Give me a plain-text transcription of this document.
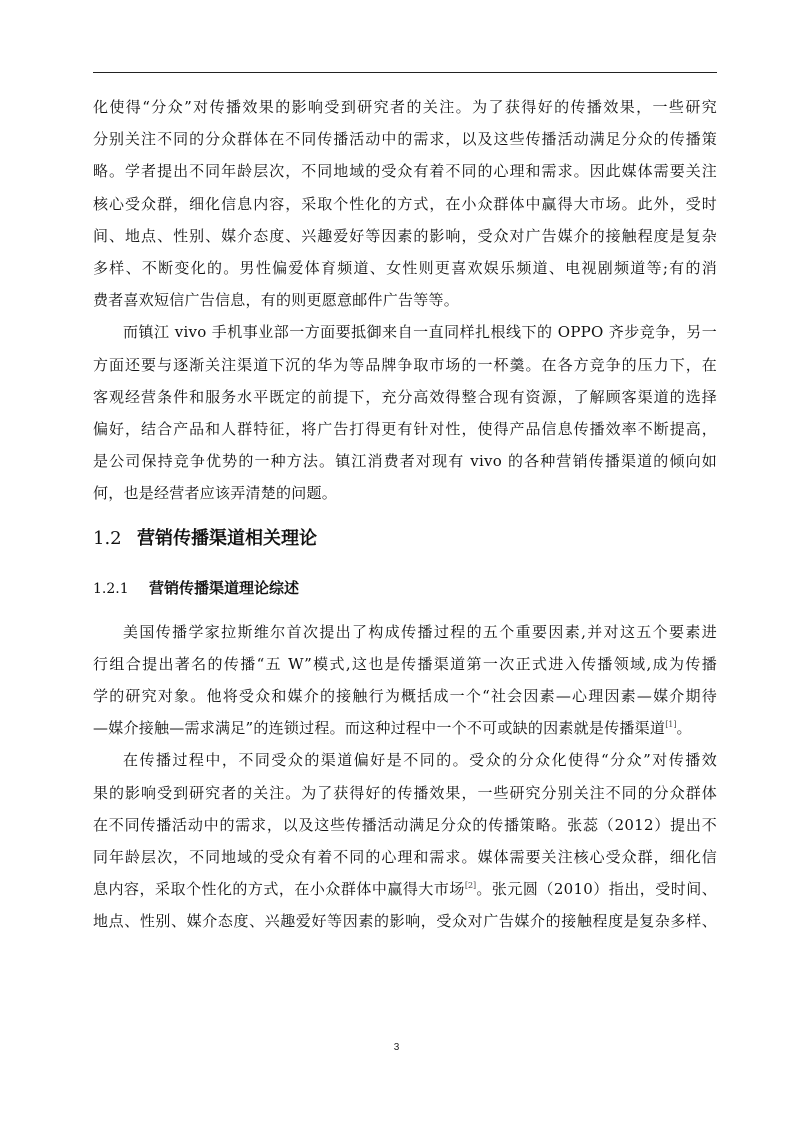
化使得“分众”对传播效果的影响受到研究者的关注。为了获得好的传播效果，一些研究
分别关注不同的分众群体在不同传播活动中的需求，以及这些传播活动满足分众的传播策
略。学者提出不同年龄层次，不同地域的受众有着不同的心理和需求。因此媒体需要关注
核心受众群，细化信息内容，采取个性化的方式，在小众群体中赢得大市场。此外，受时
间、地点、性别、媒介态度、兴趣爱好等因素的影响，受众对广告媒介的接触程度是复杂
多样、不断变化的。男性偏爱体育频道、女性则更喜欢娱乐频道、电视剧频道等;有的消
费者喜欢短信广告信息，有的则更愿意邮件广告等等。

而镇江 vivo 手机事业部一方面要抵御来自一直同样扎根线下的 OPPO 齐步竞争，另一
方面还要与逐渐关注渠道下沉的华为等品牌争取市场的一杯羹。在各方竞争的压力下，在
客观经营条件和服务水平既定的前提下，充分高效得整合现有资源，了解顾客渠道的选择
偏好，结合产品和人群特征，将广告打得更有针对性，使得产品信息传播效率不断提高，
是公司保持竞争优势的一种方法。镇江消费者对现有 vivo 的各种营销传播渠道的倾向如
何，也是经营者应该弄清楚的问题。

1.2 营销传播渠道相关理论
1.2.1 营销传播渠道理论综述

美国传播学家拉斯维尔首次提出了构成传播过程的五个重要因素,并对这五个要素进
行组合提出著名的传播“五 W”模式,这也是传播渠道第一次正式进入传播领域,成为传播
学的研究对象。他将受众和媒介的接触行为概括成一个“社会因素—心理因素—媒介期待
—媒介接触—需求满足”的连锁过程。而这种过程中一个不可或缺的因素就是传播渠道[1]。

在传播过程中，不同受众的渠道偏好是不同的。受众的分众化使得“分众”对传播效
果的影响受到研究者的关注。为了获得好的传播效果，一些研究分别关注不同的分众群体
在不同传播活动中的需求，以及这些传播活动满足分众的传播策略。张蕊（2012）提出不
同年龄层次，不同地域的受众有着不同的心理和需求。媒体需要关注核心受众群，细化信
息内容，采取个性化的方式，在小众群体中赢得大市场[2]。张元圆（2010）指出，受时间、
地点、性别、媒介态度、兴趣爱好等因素的影响，受众对广告媒介的接触程度是复杂多样、

3
